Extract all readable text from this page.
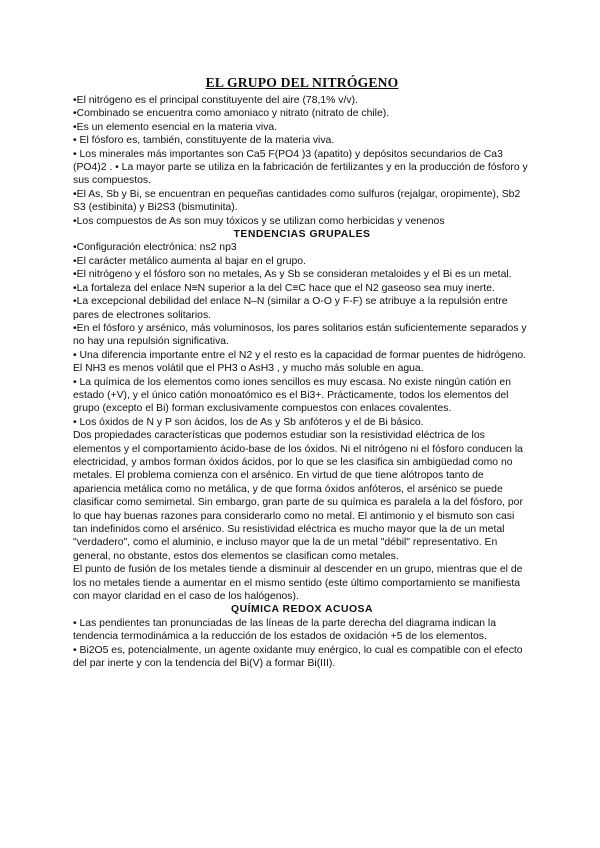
EL GRUPO DEL NITRÓGENO

•El nitrógeno es el principal constituyente del aire (78,1% v/v).

•Combinado se encuentra como amoniaco y nitrato (nitrato de chile).

•Es un elemento esencial en la materia viva.

• El fósforo es, también, constituyente de la materia viva.

• Los minerales más importantes son Ca5 F(PO4 )3 (apatito) y depósitos secundarios de Ca3 (PO4)2 . • La mayor parte se utiliza en la fabricación de fertilizantes y en la producción de fósforo y sus compuestos.

•El As, Sb y Bi, se encuentran en pequeñas cantidades como sulfuros (rejalgar, oropimente), Sb2 S3 (estibinita) y Bi2S3 (bismutinita).

•Los compuestos de As son muy tóxicos y se utilizan como herbicidas y venenos

TENDENCIAS GRUPALES

•Configuración electrónica: ns2 np3

•El carácter metálico aumenta al bajar en el grupo.

•El nitrógeno y el fósforo son no metales, As y Sb se consideran metaloides y el Bi es un metal.

•La fortaleza del enlace N≡N superior a la del C≡C hace que el N2 gaseoso sea muy inerte.

•La excepcional debilidad del enlace N–N (similar a O-O y F-F) se atribuye a la repulsión entre pares de electrones solitarios.

•En el fósforo y arsénico, más voluminosos, los pares solitarios están suficientemente separados y no hay una repulsión significativa.

• Una diferencia importante entre el N2 y el resto es la capacidad de formar puentes de hidrógeno. El NH3 es menos volátil que el PH3 o AsH3 , y mucho más soluble en agua.

• La química de los elementos como iones sencillos es muy escasa. No existe ningún catión en estado (+V), y el único catión monoatómico es el Bi3+. Prácticamente, todos los elementos del grupo (excepto el Bi) forman exclusivamente compuestos con enlaces covalentes.

• Los óxidos de N y P son ácidos, los de As y Sb anfóteros y el de Bi básico.

Dos propiedades características que podemos estudiar son la resistividad eléctrica de los elementos y el comportamiento ácido-base de los óxidos. Ni el nitrógeno ni el fósforo conducen la electricidad, y ambos forman óxidos ácidos, por lo que se les clasifica sin ambigüedad como no metales. El problema comienza con el arsénico. En virtud de que tiene alótropos tanto de apariencia metálica como no metálica, y de que forma óxidos anfóteros, el arsénico se puede clasificar como semimetal. Sin embargo, gran parte de su química es paralela a la del fósforo, por lo que hay buenas razones para considerarlo como no metal. El antimonio y el bismuto son casi tan indefinidos como el arsénico. Su resistividad eléctrica es mucho mayor que la de un metal "verdadero", como el aluminio, e incluso mayor que la de un metal "débil" representativo. En general, no obstante, estos dos elementos se clasifican como metales.

El punto de fusión de los metales tiende a disminuir al descender en un grupo, mientras que el de los no metales tiende a aumentar en el mismo sentido (este último comportamiento se manifiesta con mayor claridad en el caso de los halógenos).

QUÍMICA REDOX ACUOSA

• Las pendientes tan pronunciadas de las líneas de la parte derecha del diagrama indican la tendencia termodinámica a la reducción de los estados de oxidación +5 de los elementos.

• Bi2O5 es, potencialmente, un agente oxidante muy enérgico, lo cual es compatible con el efecto del par inerte y con la tendencia del Bi(V) a formar Bi(III).
